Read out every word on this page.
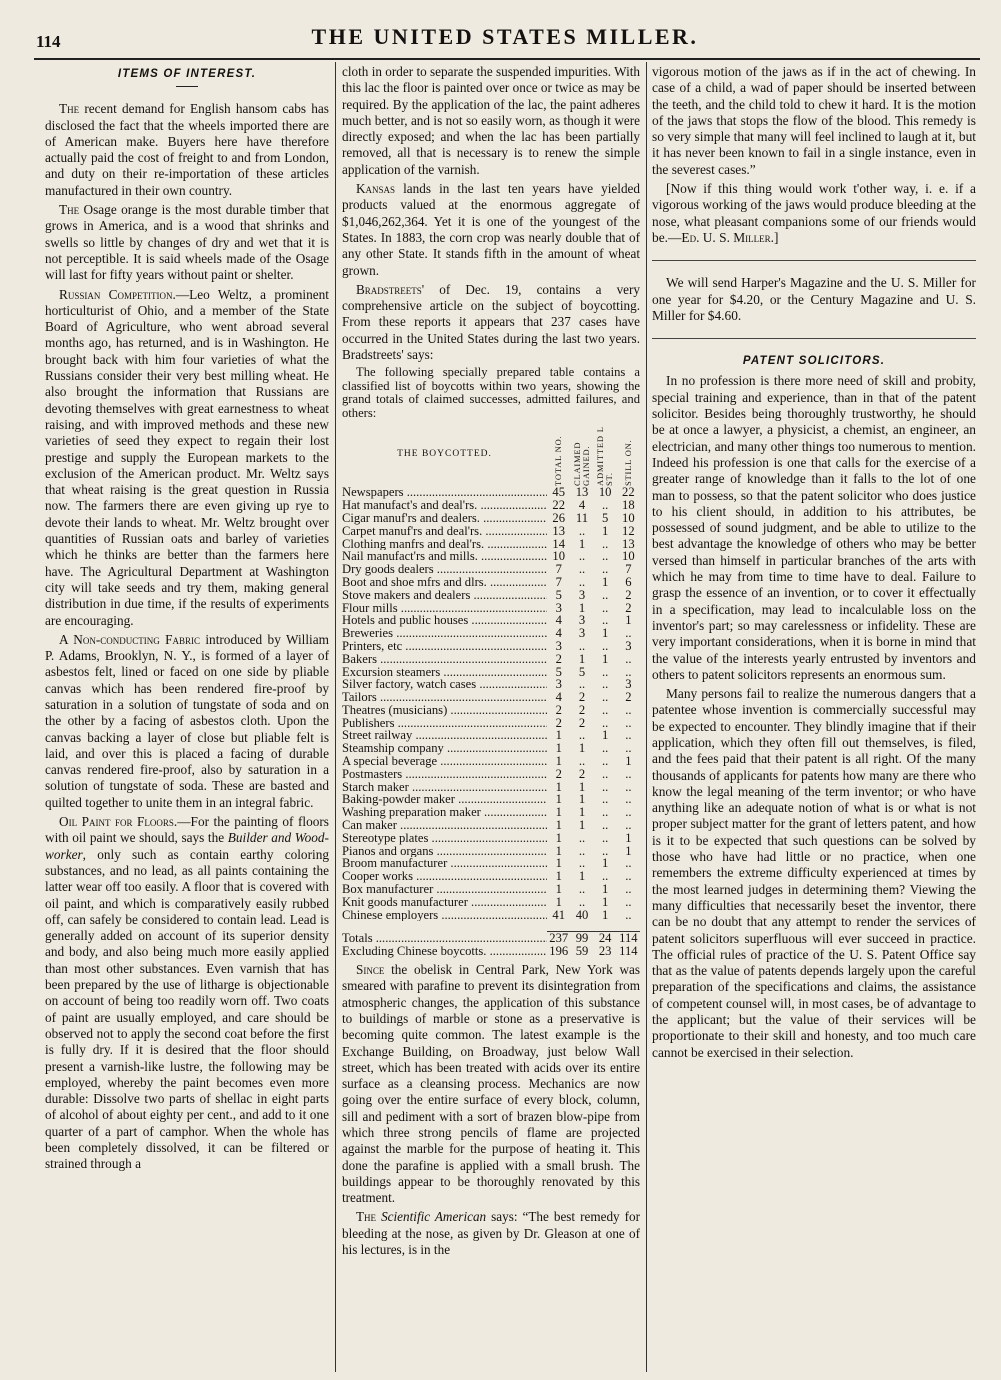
114	THE UNITED STATES MILLER.
ITEMS OF INTEREST.

The recent demand for English hansom cabs has disclosed the fact that the wheels imported there are of American make. Buyers here have therefore actually paid the cost of freight to and from London, and duty on their re-importation of these articles manufactured in their own country.

The Osage orange is the most durable timber that grows in America, and is a wood that shrinks and swells so little by changes of dry and wet that it is not perceptible. It is said wheels made of the Osage will last for fifty years without paint or shelter.

Russian Competition.—Leo Weltz, a prominent horticulturist of Ohio, and a member of the State Board of Agriculture, who went abroad several months ago, has returned, and is in Washington. He brought back with him four varieties of what the Russians consider their very best milling wheat. He also brought the information that Russians are devoting themselves with great earnestness to wheat raising, and with improved methods and these new varieties of seed they expect to regain their lost prestige and supply the European markets to the exclusion of the American product. Mr. Weltz says that wheat raising is the great question in Russia now. The farmers there are even giving up rye to devote their lands to wheat. Mr. Weltz brought over quantities of Russian oats and barley of varieties which he thinks are better than the farmers here have. The Agricultural Department at Washington city will take seeds and try them, making general distribution in due time, if the results of experiments are encouraging.

A Non-conducting Fabric introduced by William P. Adams, Brooklyn, N. Y., is formed of a layer of asbestos felt, lined or faced on one side by pliable canvas which has been rendered fire-proof by saturation in a solution of tungstate of soda and on the other by a facing of asbestos cloth. Upon the canvas backing a layer of close but pliable felt is laid, and over this is placed a facing of durable canvas rendered fire-proof, also by saturation in a solution of tungstate of soda. These are basted and quilted together to unite them in an integral fabric.

Oil Paint for Floors.—For the painting of floors with oil paint we should, says the Builder and Wood-worker, only such as contain earthy coloring substances, and no lead, as all paints containing the latter wear off too easily. A floor that is covered with oil paint, and which is comparatively easily rubbed off, can safely be considered to contain lead. Lead is generally added on account of its superior density and body, and also being much more easily applied than most other substances. Even varnish that has been prepared by the use of litharge is objectionable on account of being too readily worn off. Two coats of paint are usually employed, and care should be observed not to apply the second coat before the first is fully dry. If it is desired that the floor should present a varnish-like lustre, the following may be employed, whereby the paint becomes even more durable: Dissolve two parts of shellac in eight parts of alcohol of about eighty per cent., and add to it one quarter of a part of camphor. When the whole has been completely dissolved, it can be filtered or strained through a

cloth in order to separate the suspended impurities. With this lac the floor is painted over once or twice as may be required. By the application of the lac, the paint adheres much better, and is not so easily worn, as though it were directly exposed; and when the lac has been partially removed, all that is necessary is to renew the simple application of the varnish.

Kansas lands in the last ten years have yielded products valued at the enormous aggregate of $1,046,262,364. Yet it is one of the youngest of the States. In 1883, the corn crop was nearly double that of any other State. It stands fifth in the amount of wheat grown.

Bradstreets' of Dec. 19, contains a very comprehensive article on the subject of boycotting. From these reports it appears that 237 cases have occurred in the United States during the last two years. Bradstreets' says:

The following specially prepared table contains a classified list of boycotts within two years, showing the grand totals of claimed successes, admitted failures, and others:
THE BOYCOTTED.	TOTAL NO.	CLAIMED GAINED.	ADMITTED L ST.	STILL ON.

Newspapers .....	45	13	10	22
Hat manufact's and deal'rs. .....	22	4	..	18
Cigar manuf'rs and dealers. .....	26	11	5	10
Carpet manuf'rs and deal'rs. .....	13	..	1	12
Clothing manfrs and deal'rs. .....	14	1	..	13
Nail manufact'rs and mills. .....	10	..	..	10
Dry goods dealers .....	7	..	..	7
Boot and shoe mfrs and dlrs. .....	7	..	1	6
Stove makers and dealers .....	5	3	..	2
Flour mills .....	3	1	..	2
Hotels and public houses .....	4	3	..	1
Breweries .....	4	3	1	..
Printers, etc .....	3	..	..	3
Bakers .....	2	1	1	..
Excursion steamers .....	5	5	..	..
Silver factory, watch cases .....	3	..	..	3
Tailors .....	4	2	..	2
Theatres (musicians) .....	2	2	..	..
Publishers .....	2	2	..	..
Street railway .....	1	..	1	..
Steamship company .....	1	1	..	..
A special beverage .....	1	..	..	1
Postmasters .....	2	2	..	..
Starch maker .....	1	1	..	..
Baking-powder maker .....	1	1	..	..
Washing preparation maker .....	1	1	..	..
Can maker .....	1	1	..	..
Stereotype plates .....	1	..	..	1
Pianos and organs .....	1	..	..	1
Broom manufacturer .....	1	..	1	..
Cooper works .....	1	1	..	..
Box manufacturer .....	1	..	1	..
Knit goods manufacturer .....	1	..	1	..
Chinese employers .....	41	40	1	..

Totals .....	237	99	24	114
Excluding Chinese boycotts. .....	196	59	23	114

Since the obelisk in Central Park, New York was smeared with parafine to prevent its disintegration from atmospheric changes, the application of this substance to buildings of marble or stone as a preservative is becoming quite common. The latest example is the Exchange Building, on Broadway, just below Wall street, which has been treated with acids over its entire surface as a cleansing process. Mechanics are now going over the entire surface of every block, column, sill and pediment with a sort of brazen blow-pipe from which three strong pencils of flame are projected against the marble for the purpose of heating it. This done the parafine is applied with a small brush. The buildings appear to be thoroughly renovated by this treatment.

The Scientific American says: “The best remedy for bleeding at the nose, as given by Dr. Gleason at one of his lectures, is in the

vigorous motion of the jaws as if in the act of chewing. In case of a child, a wad of paper should be inserted between the teeth, and the child told to chew it hard. It is the motion of the jaws that stops the flow of the blood. This remedy is so very simple that many will feel inclined to laugh at it, but it has never been known to fail in a single instance, even in the severest cases.”

[Now if this thing would work t'other way, i. e. if a vigorous working of the jaws would produce bleeding at the nose, what pleasant companions some of our friends would be.—Ed. U. S. Miller.]

We will send Harper's Magazine and the U. S. Miller for one year for $4.20, or the Century Magazine and U. S. Miller for $4.60.

PATENT SOLICITORS.

In no profession is there more need of skill and probity, special training and experience, than in that of the patent solicitor. Besides being thoroughly trustworthy, he should be at once a lawyer, a physicist, a chemist, an engineer, an electrician, and many other things too numerous to mention. Indeed his profession is one that calls for the exercise of a greater range of knowledge than it falls to the lot of one man to possess, so that the patent solicitor who does justice to his client should, in addition to his attributes, be possessed of sound judgment, and be able to utilize to the best advantage the knowledge of others who may be better versed than himself in particular branches of the arts with which he may from time to time have to deal. Failure to grasp the essence of an invention, or to cover it effectually in a specification, may lead to incalculable loss on the inventor's part; so may carelessness or infidelity. These are very important considerations, when it is borne in mind that the value of the interests yearly entrusted by inventors and others to patent solicitors represents an enormous sum.

Many persons fail to realize the numerous dangers that a patentee whose invention is commercially successful may be expected to encounter. They blindly imagine that if their application, which they often fill out themselves, is filed, and the fees paid that their patent is all right. Of the many thousands of applicants for patents how many are there who know the legal meaning of the term inventor; or who have anything like an adequate notion of what is or what is not proper subject matter for the grant of letters patent, and how is it to be expected that such questions can be solved by those who have had little or no practice, when one remembers the extreme difficulty experienced at times by the most learned judges in determining them? Viewing the many difficulties that necessarily beset the inventor, there can be no doubt that any attempt to render the services of patent solicitors superfluous will ever succeed in practice. The official rules of practice of the U. S. Patent Office say that as the value of patents depends largely upon the careful preparation of the specifications and claims, the assistance of competent counsel will, in most cases, be of advantage to the applicant; but the value of their services will be proportionate to their skill and honesty, and too much care cannot be exercised in their selection.
